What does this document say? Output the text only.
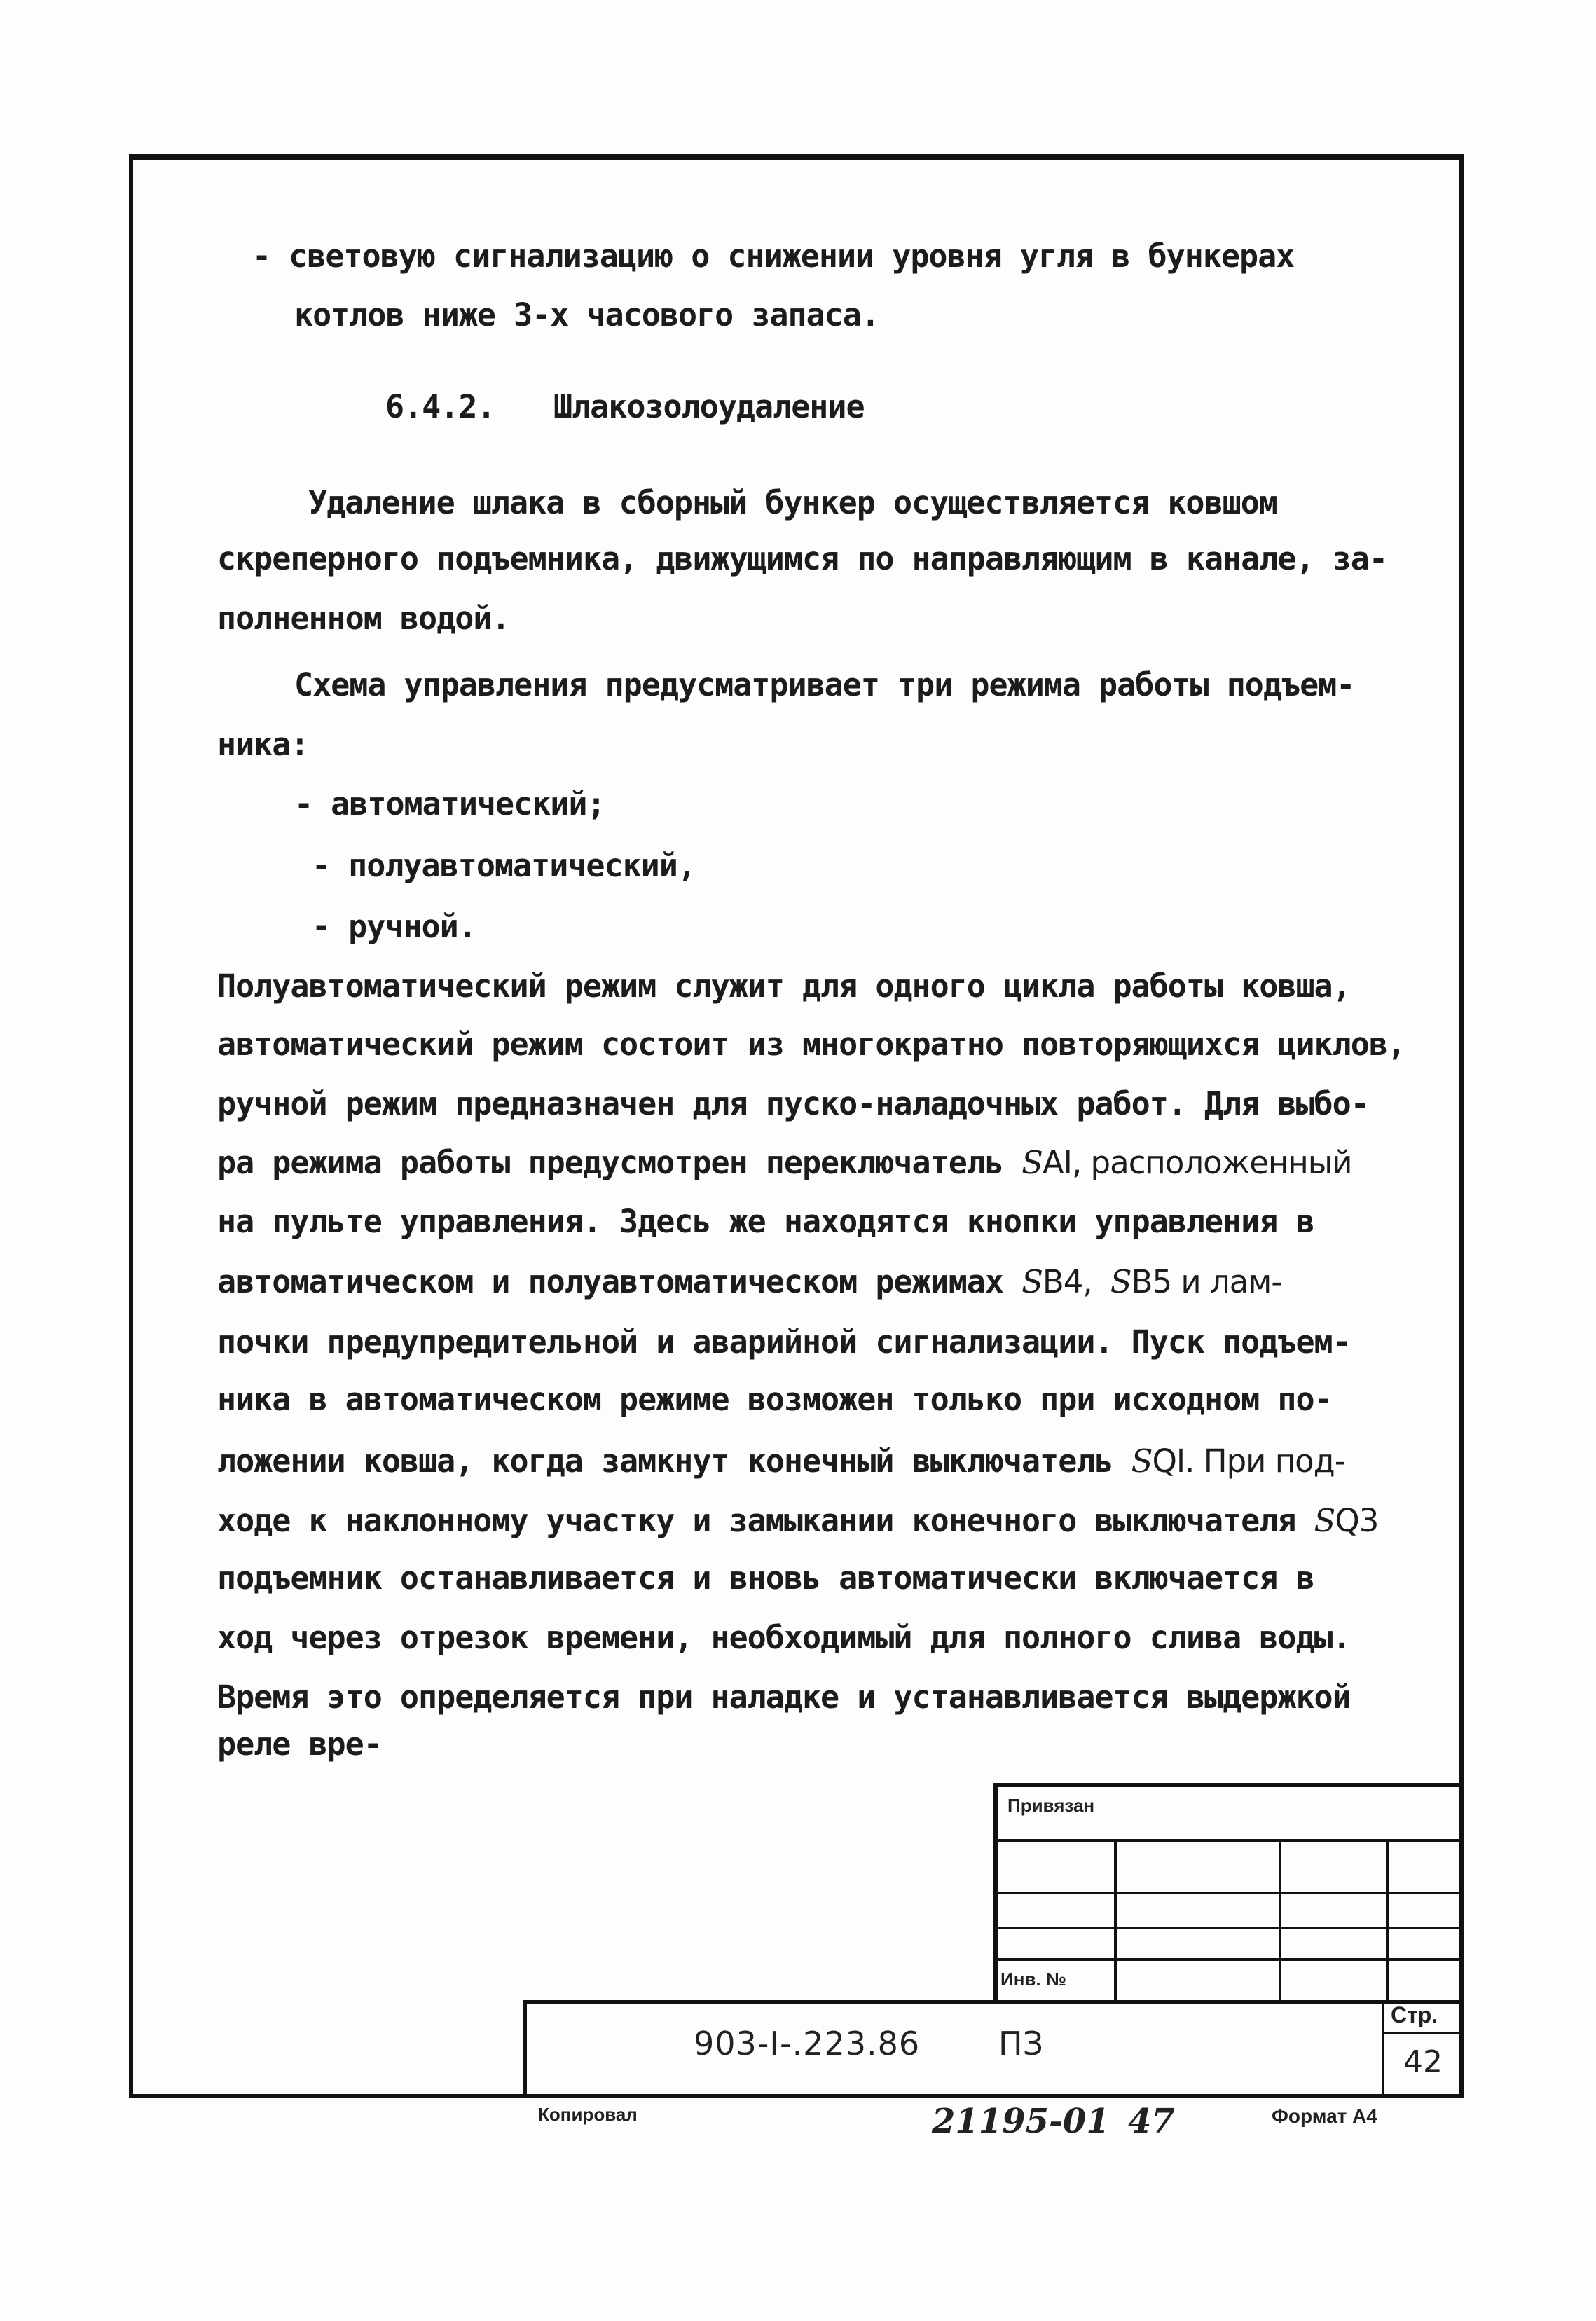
- световую сигнализацию о снижении уровня угля в бункерах
котлов ниже 3-х часового запаса.
6.4.2. Шлакозолоудаление
Удаление шлака в сборный бункер осуществляется ковшом
скреперного подъемника, движущимся по направляющим в канале, за-
полненном водой.
Схема управления предусматривает три режима работы подъем-
ника:
- автоматический;
- полуавтоматический,
- ручной.
Полуавтоматический режим служит для одного цикла работы ковша,
автоматический режим состоит из многократно повторяющихся циклов,
ручной режим предназначен для пуско-наладочных работ. Для выбо-
ра режима работы предусмотрен переключатель SAI, расположенный
на пульте управления. Здесь же находятся кнопки управления в
автоматическом и полуавтоматическом режимах SB4, SB5 и лам-
почки предупредительной и аварийной сигнализации. Пуск подъем-
ника в автоматическом режиме возможен только при исходном по-
ложении ковша, когда замкнут конечный выключатель SQI. При под-
ходе к наклонному участку и замыкании конечного выключателя SQ3
подъемник останавливается и вновь автоматически включается в
ход через отрезок времени, необходимый для полного слива воды.
Время это определяется при наладке и устанавливается выдержкой
реле вре-
Привязан
Инв. №
903-I-.223.86 ПЗ
Стр.
42
Копировал	21195-01 47	Формат А4
